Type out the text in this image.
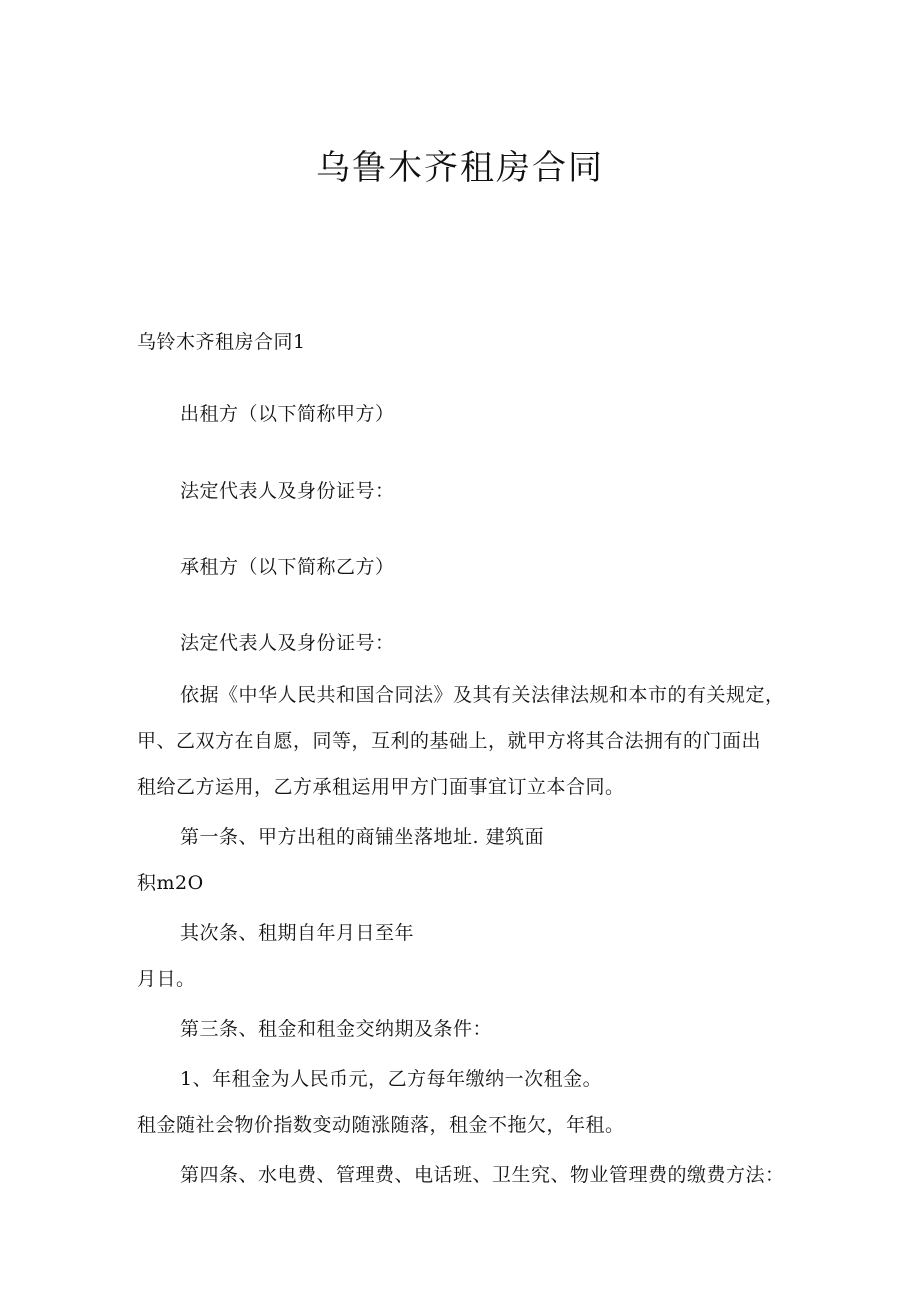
乌鲁木齐租房合同
乌铃木齐租房合同1
出租方（以下简称甲方）
法定代表人及身份证号：
承租方（以下简称乙方）
法定代表人及身份证号：
依据《中华人民共和国合同法》及其有关法律法规和本市的有关规定，
甲、乙双方在自愿，同等，互利的基础上，就甲方将其合法拥有的门面出
租给乙方运用，乙方承租运用甲方门面事宜订立本合同。
第一条、甲方出租的商铺坐落地址. 建筑面
积m2O
其次条、租期自年月日至年
月日。
第三条、租金和租金交纳期及条件：
1、年租金为人民币元，乙方每年缴纳一次租金。
租金随社会物价指数变动随涨随落，租金不拖欠，年租。
第四条、水电费、管理费、电话班、卫生究、物业管理费的缴费方法：
